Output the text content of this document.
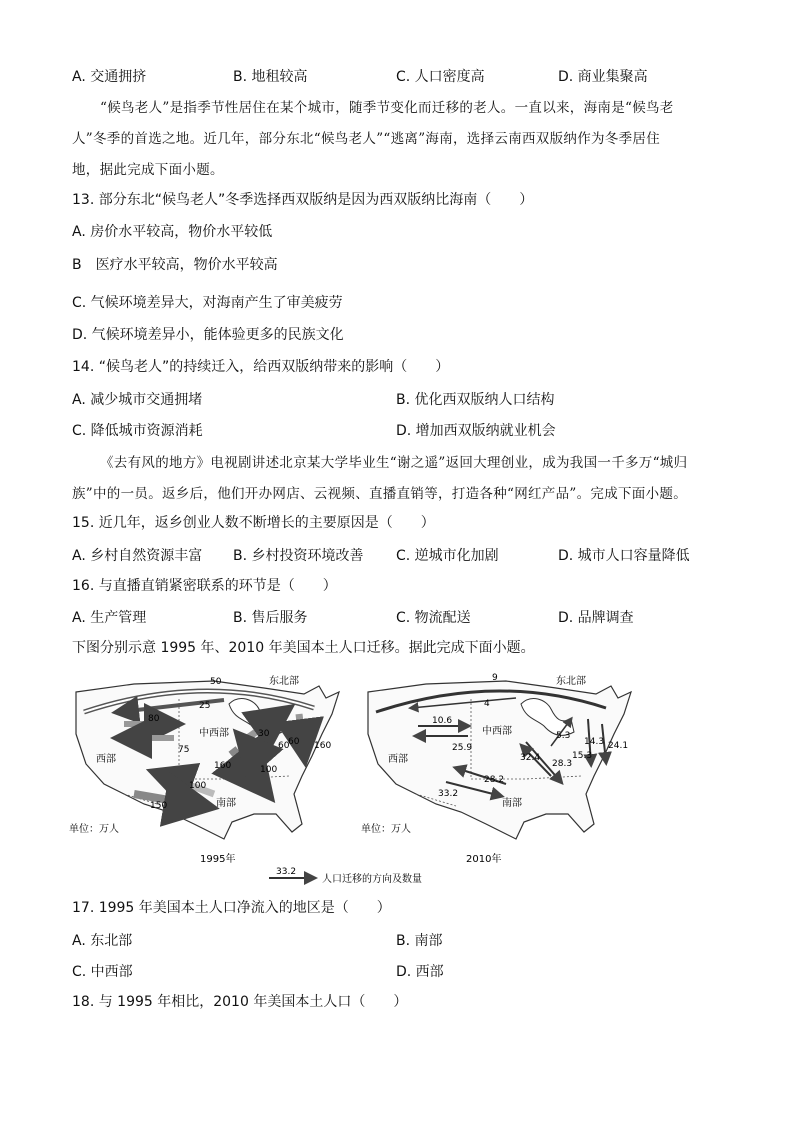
A. 交通拥挤	B. 地租较高	C. 人口密度高	D. 商业集聚高
“候鸟老人”是指季节性居住在某个城市，随季节变化而迁移的老人。一直以来，海南是“候鸟老
人”冬季的首选之地。近几年，部分东北“候鸟老人”“逃离”海南，选择云南西双版纳作为冬季居住
地，据此完成下面小题。
13. 部分东北“候鸟老人”冬季选择西双版纳是因为西双版纳比海南（　　）
A. 房价水平较高，物价水平较低
B　医疗水平较高，物价水平较高
C. 气候环境差异大，对海南产生了审美疲劳
D. 气候环境差异小，能体验更多的民族文化
14. “候鸟老人”的持续迁入，给西双版纳带来的影响（　　）
A. 减少城市交通拥堵	B. 优化西双版纳人口结构
C. 降低城市资源消耗	D. 增加西双版纳就业机会
《去有风的地方》电视剧讲述北京某大学毕业生“谢之遥”返回大理创业，成为我国一千多万“城归
族”中的一员。返乡后，他们开办网店、云视频、直播直销等，打造各种“网红产品”。完成下面小题。
15. 近几年，返乡创业人数不断增长的主要原因是（　　）
A. 乡村自然资源丰富 B. 乡村投资环境改善 C. 逆城市化加剧	D. 城市人口容量降低
16. 与直播直销紧密联系的环节是（　　）
A. 生产管理	B. 售后服务	C. 物流配送	D. 品牌调查
下图分别示意 1995 年、2010 年美国本土人口迁移。据此完成下面小题。
东北部
中西部
西部
南部
50
25
80
75
30
60
60 160
100
160
100
150
单位：万人
1995年
东北部
中西部
西部
南部
9
4
10.6
25.9
5.3
15.3
14.3 24.1
28.3
32.4
28.2
33.2
单位：万人
2010年
33.2
人口迁移的方向及数量
17. 1995 年美国本土人口净流入的地区是（　　）
A. 东北部	B. 南部
C. 中西部	D. 西部
18. 与 1995 年相比，2010 年美国本土人口（　　）
